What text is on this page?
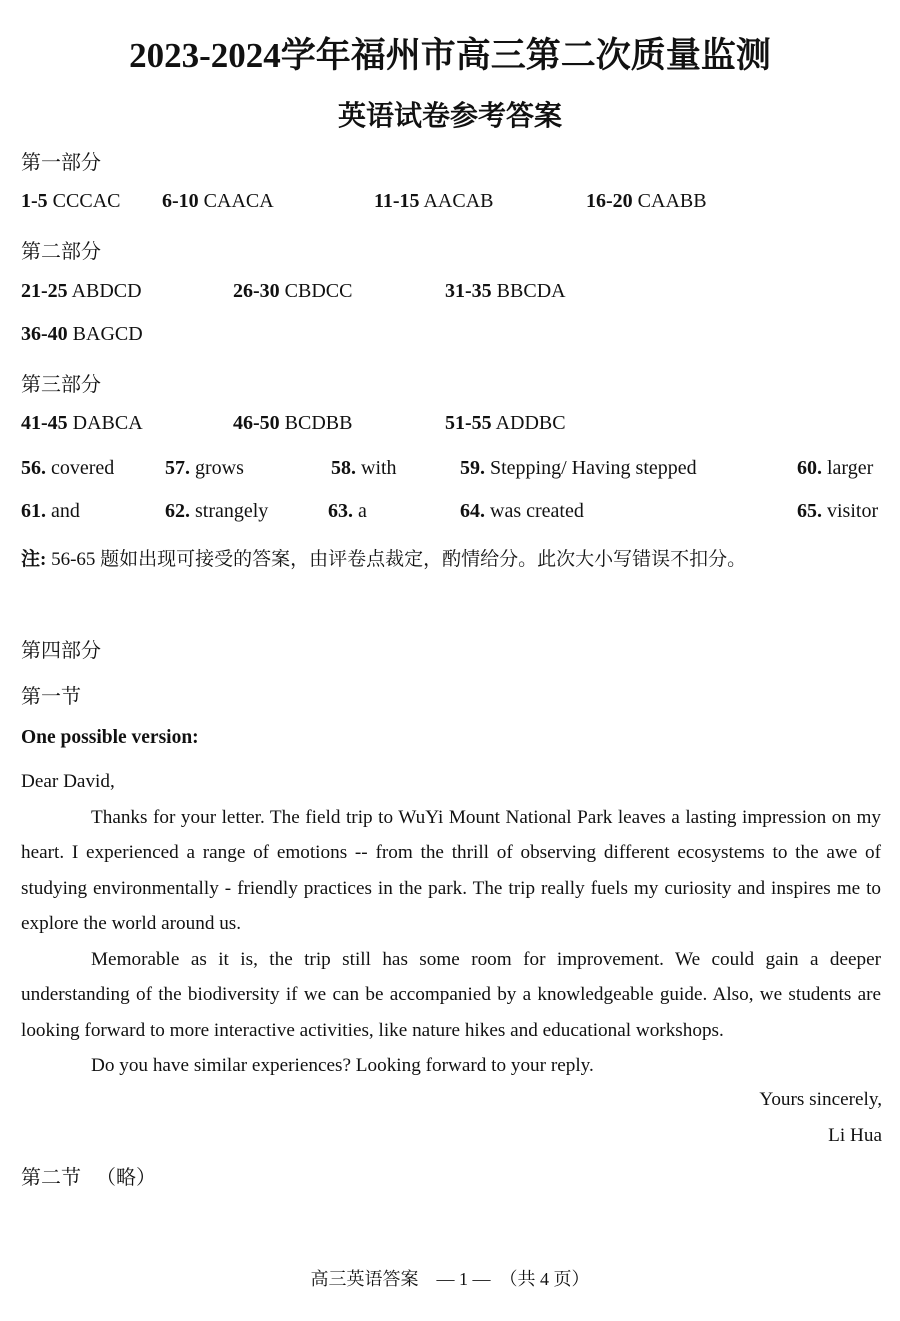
2023-2024学年福州市高三第二次质量监测
英语试卷参考答案
第一部分
1-5 CCCAC 6-10 CAACA	11-15 AACAB	16-20 CAABB
第二部分
21-25 ABDCD	26-30 CBDCC	31-35 BBCDA
36-40 BAGCD
第三部分
41-45 DABCA	46-50 BCDBB	51-55 ADDBC
56. covered	57. grows	58. with	59. Stepping/ Having stepped	60. larger
61. and	62. strangely	63. a	64. was created	65. visitor
注: 56-65 题如出现可接受的答案，由评卷点裁定，酌情给分。此次大小写错误不扣分。
第四部分
第一节
One possible version:

Dear David,

Thanks for your letter. The field trip to WuYi Mount National Park leaves a lasting impression on my heart. I experienced a range of emotions -- from the thrill of observing different ecosystems to the awe of studying environmentally - friendly practices in the park. The trip really fuels my curiosity and inspires me to explore the world around us.

Memorable as it is, the trip still has some room for improvement. We could gain a deeper understanding of the biodiversity if we can be accompanied by a knowledgeable guide. Also, we students are looking forward to more interactive activities, like nature hikes and educational workshops.

Do you have similar experiences? Looking forward to your reply.

Yours sincerely,
Li Hua
第二节 （略）
高三英语答案　— 1 —　（共 4 页）
